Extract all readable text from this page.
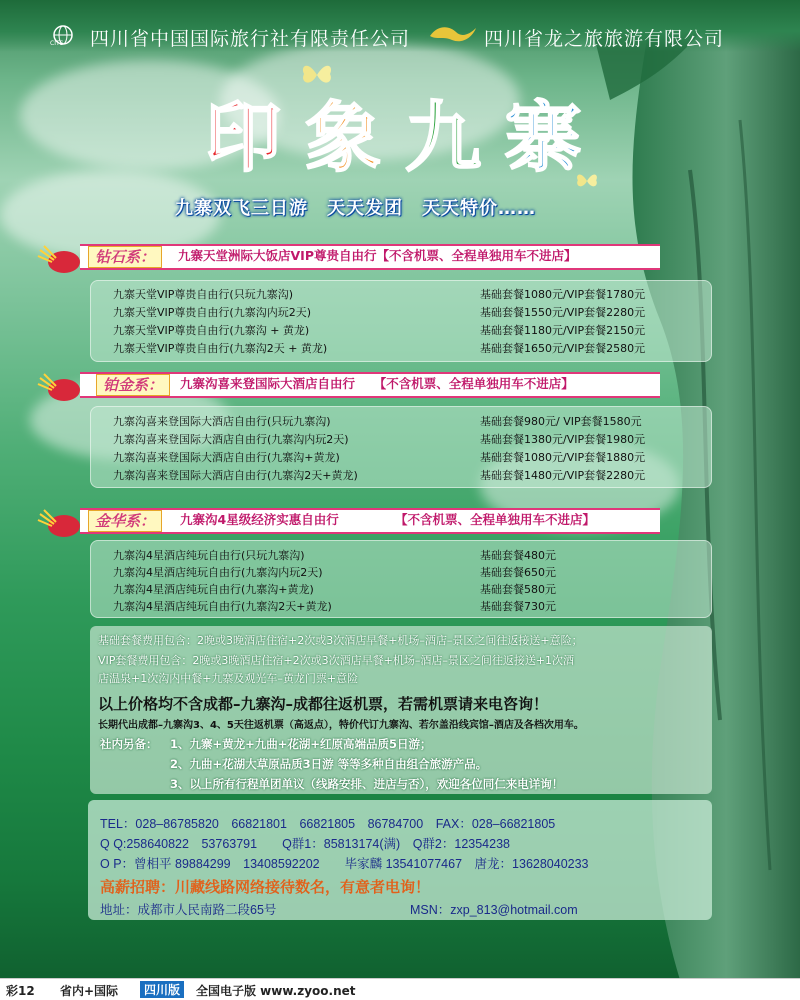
CITS 四川省中国国际旅行社有限责任公司	四川省龙之旅旅游有限公司
印 象 九 寨
九寨双飞三日游　天天发团　天天特价……
钻石系：	九寨天堂洲际大饭店VIP尊贵自由行【不含机票、全程单独用车不进店】
九寨天堂VIP尊贵自由行(只玩九寨沟)	基础套餐1080元/VIP套餐1780元
九寨天堂VIP尊贵自由行(九寨沟内玩2天)	基础套餐1550元/VIP套餐2280元
九寨天堂VIP尊贵自由行(九寨沟 + 黄龙)	基础套餐1180元/VIP套餐2150元
九寨天堂VIP尊贵自由行(九寨沟2天 + 黄龙)	基础套餐1650元/VIP套餐2580元
铂金系：	九寨沟喜来登国际大酒店自由行　　【不含机票、全程单独用车不进店】
九寨沟喜来登国际大酒店自由行(只玩九寨沟)	基础套餐980元/ VIP套餐1580元
九寨沟喜来登国际大酒店自由行(九寨沟内玩2天)	基础套餐1380元/VIP套餐1980元
九寨沟喜来登国际大酒店自由行(九寨沟+黄龙)	基础套餐1080元/VIP套餐1880元
九寨沟喜来登国际大酒店自由行(九寨沟2天+黄龙)	基础套餐1480元/VIP套餐2280元
金华系：	九寨沟4星级经济实惠自由行　　　　　【不含机票、全程单独用车不进店】
九寨沟4星酒店纯玩自由行(只玩九寨沟)	基础套餐480元
九寨沟4星酒店纯玩自由行(九寨沟内玩2天)	基础套餐650元
九寨沟4星酒店纯玩自由行(九寨沟+黄龙)	基础套餐580元
九寨沟4星酒店纯玩自由行(九寨沟2天+黄龙)	基础套餐730元
基础套餐费用包含：2晚或3晚酒店住宿+2次或3次酒店早餐+机场–酒店–景区之间往返接送+意险；
VIP套餐费用包含：2晚或3晚酒店住宿+2次或3次酒店早餐+机场–酒店–景区之间往返接送+1次酒
店温泉+1次沟内中餐+九寨及观光车–黄龙门票+意险
以上价格均不含成都–九寨沟–成都往返机票，若需机票请来电咨询！
长期代出成都–九寨沟3、4、5天往返机票（高返点），特价代订九寨沟、若尔盖沿线宾馆–酒店及各档次用车。
社内另备： 1、九寨+黄龙+九曲+花湖+红原高端品质5日游；
2、九曲+花湖大草原品质3日游 等等多种自由组合旅游产品。
3、以上所有行程单团单议（线路安排、进店与否），欢迎各位同仁来电详询！
TEL：028–86785820　66821801　66821805　86784700　FAX：028–66821805
Q Q:258640822　53763791　　Q群1：85813174(满)　Q群2：12354238
O P：曾相平 89884299　13408592202　　毕家麟 13541077467　唐龙：13628040233
高薪招聘：川藏线路网络接待数名，有意者电询！
地址：成都市人民南路二段65号	MSN：zxp_813@hotmail.com
彩12 省内+国际	四川版	全国电子版 www.zyoo.net
